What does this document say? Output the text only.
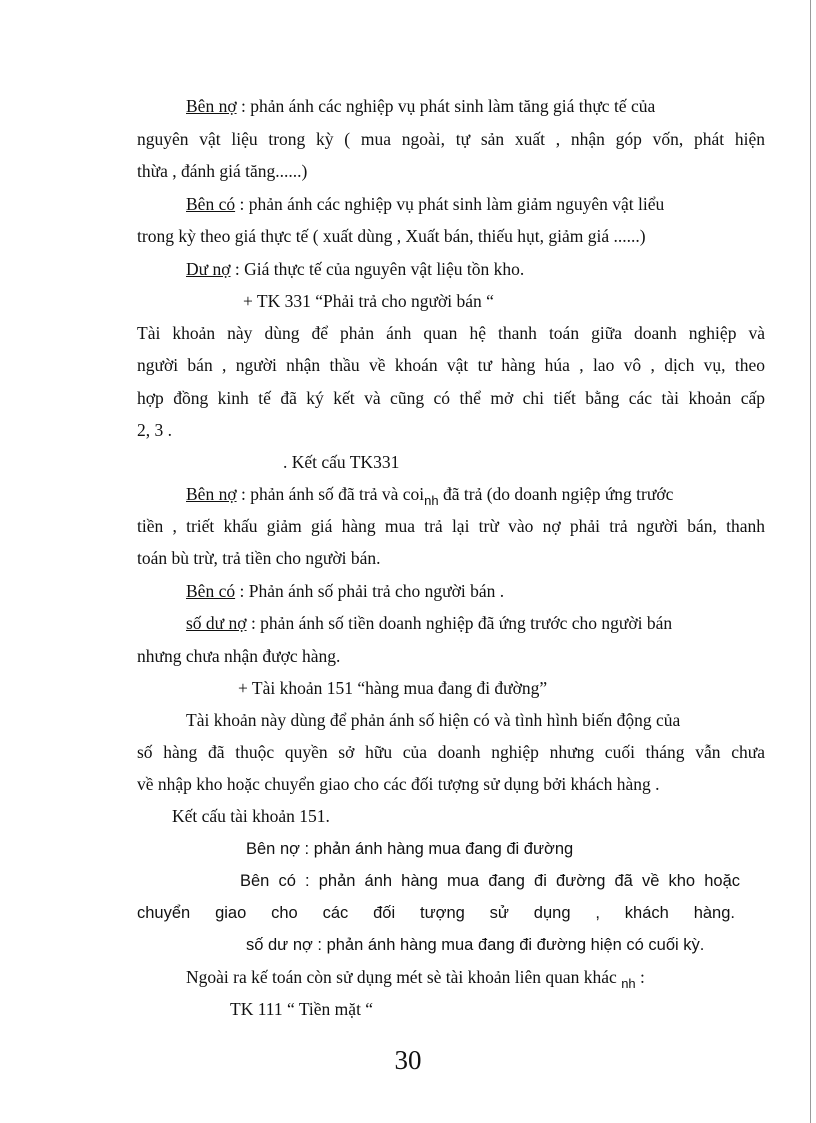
Bên nợ : phản ánh các nghiệp vụ phát sinh làm tăng giá thực tế của
nguyên vật liệu trong kỳ ( mua ngoài, tự sản xuất , nhận góp vốn, phát hiện
thừa , đánh giá tăng......)
Bên có : phản ánh các nghiệp vụ phát sinh làm giảm nguyên vật liểu
trong kỳ theo giá thực tế ( xuất dùng , Xuất bán, thiếu hụt, giảm giá ......)
Dư nợ : Giá thực tế của nguyên vật liệu tồn kho.
+ TK 331 “Phải trả cho người bán “
Tài khoản này dùng để phản ánh quan hệ thanh toán giữa doanh nghiệp và
người bán , người nhận thầu về khoán vật tư hàng húa , lao vô , dịch vụ, theo
hợp đồng kinh tế đã ký kết và cũng có thể mở chi tiết bằng các tài khoản cấp
2, 3 .
. Kết cấu TK331
Bên nợ : phản ánh số đã trả và coi$_{nh}$ đã trả (do doanh ngiệp ứng trước
tiền , triết khấu giảm giá hàng mua trả lại trừ vào nợ phải trả người bán, thanh
toán bù trừ, trả tiền cho người bán.
Bên có : Phản ánh số phải trả cho người bán .
số dư nợ : phản ánh số tiền doanh nghiệp đã ứng trước cho người bán
nhưng chưa nhận được hàng.
+ Tài khoản 151 “hàng mua đang đi đường”
Tài khoản này dùng để phản ánh số hiện có và tình hình biến động của
số hàng đã thuộc quyền sở hữu của doanh nghiệp nhưng cuối tháng vẫn chưa
về nhập kho hoặc chuyển giao cho các đối tượng sử dụng bởi khách hàng .
Kết cấu tài khoản 151.
Bên nợ : phản ánh hàng mua đang đi đường
Bên có : phản ánh hàng mua đang đi đường đã về kho hoặc
chuyển giao cho các đối tượng sử dụng , khách hàng.
số dư nợ : phản ánh hàng mua đang đi đường hiện có cuối kỳ.
Ngoài ra kế toán còn sử dụng mét sè tài khoản liên quan khác $_{nh}$ :
TK 111 “ Tiền mặt “
30
